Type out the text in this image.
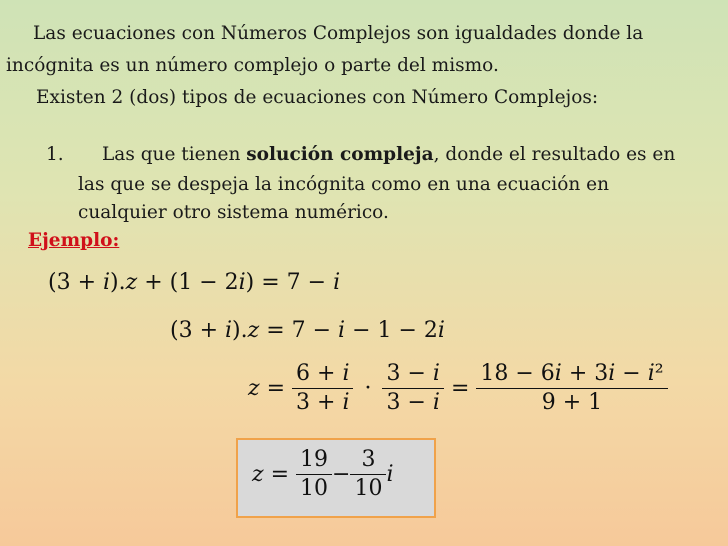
Las ecuaciones con Números Complejos son igualdades donde la
incógnita es un número complejo o parte del mismo.
Existen 2 (dos) tipos de ecuaciones con Número Complejos:
1. Las que tienen solución compleja, donde el resultado es en
las que se despeja la incógnita como en una ecuación en
cualquier otro sistema numérico.
Ejemplo:
(3 + 𝑖).𝑧 + (1 − 2𝑖) = 7 − 𝑖
(3 + 𝑖).𝑧 = 7 − 𝑖 − 1 − 2𝑖
𝑧 = $\frac{\text{6 + 𝑖}}{\text{3 + 𝑖}} \cdot \frac{\text{3 − 𝑖}}{\text{3 − 𝑖}} = \frac{\text{18 − 6𝑖 + 3𝑖 − 𝑖²}}{9 + 1}$
𝑧 = $\frac{19}{10} - \frac{3}{10}$ 𝑖
